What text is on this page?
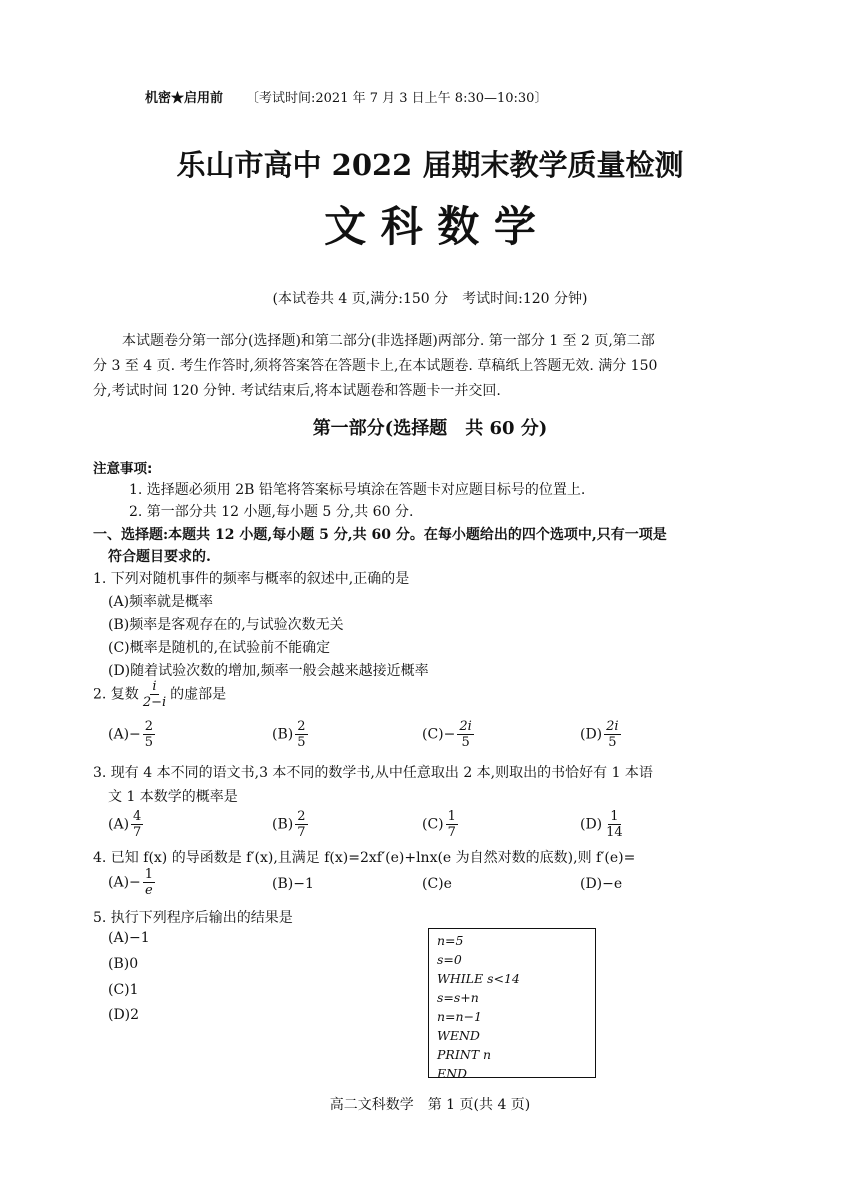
机密★启用前 〔考试时间:2021 年 7 月 3 日上午 8:30—10:30〕
乐山市高中 2022 届期末教学质量检测
文 科 数 学
(本试卷共 4 页,满分:150 分　考试时间:120 分钟)
本试题卷分第一部分(选择题)和第二部分(非选择题)两部分. 第一部分 1 至 2 页,第二部
分 3 至 4 页. 考生作答时,须将答案答在答题卡上,在本试题卷. 草稿纸上答题无效. 满分 150
分,考试时间 120 分钟. 考试结束后,将本试题卷和答题卡一并交回.
第一部分(选择题　共 60 分)
注意事项:
1. 选择题必须用 2B 铅笔将答案标号填涂在答题卡对应题目标号的位置上.
2. 第一部分共 12 小题,每小题 5 分,共 60 分.
一、选择题:本题共 12 小题,每小题 5 分,共 60 分。在每小题给出的四个选项中,只有一项是
符合题目要求的.
1. 下列对随机事件的频率与概率的叙述中,正确的是
(A)频率就是概率
(B)频率是客观存在的,与试验次数无关
(C)概率是随机的,在试验前不能确定
(D)随着试验次数的增加,频率一般会越来越接近概率
2. 复数 $\frac{i}{2-i}$ 的虚部是
$(A)- \frac{2}{5}$	$(B) \frac{2}{5}$	$(C)- \frac{2i}{5}$	$(D) \frac{2i}{5}$
3. 现有 4 本不同的语文书,3 本不同的数学书,从中任意取出 2 本,则取出的书恰好有 1 本语
文 1 本数学的概率是
$(A) \frac{4}{7}$	$(B) \frac{2}{7}$	$(C) \frac{1}{7}$	$(D) \frac{1}{14}$
4. 已知 f(x) 的导函数是 f′(x),且满足 f(x)=2xf′(e)+lnx(e 为自然对数的底数),则 f′(e)=
$(A)- \frac{1}{e}$	(B)−1	(C)e	(D)−e
5. 执行下列程序后输出的结果是
(A)−1
(B)0
(C)1
(D)2
n=5
s=0
WHILE s<14
s=s+n
n=n−1
WEND
PRINT n
END
高二文科数学　第 1 页(共 4 页)
